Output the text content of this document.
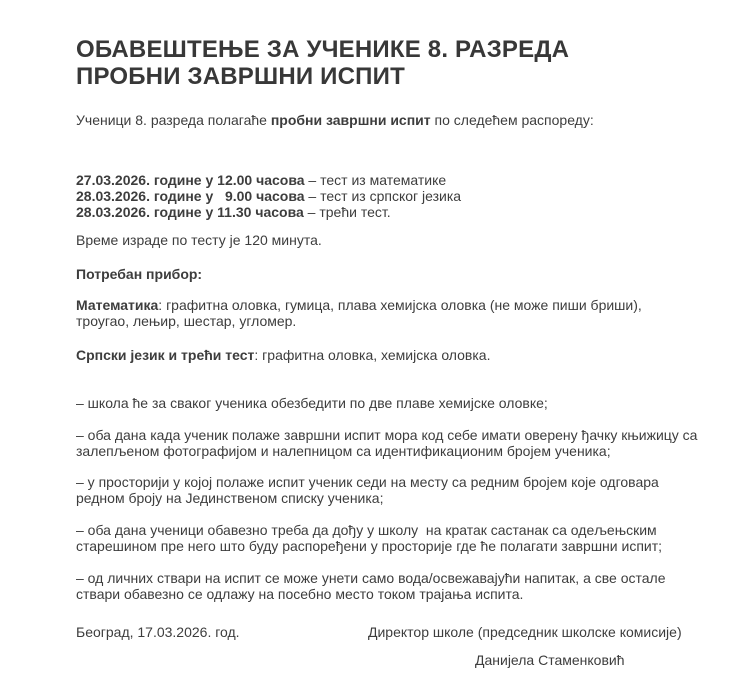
ОБАВЕШТЕЊЕ ЗА УЧЕНИКЕ 8. РАЗРЕДА
ПРОБНИ ЗАВРШНИ ИСПИТ

Ученици 8. разреда полагаће пробни завршни испит по следећем распореду:

27.03.2026. године у 12.00 часова – тест из математике

28.03.2026. године у   9.00 часова – тест из српског језика

28.03.2026. године у 11.30 часова – трећи тест.

Време израде по тесту је 120 минута.

Потребан прибор:

Математика: графитна оловка, гумица, плава хемијска оловка (не може пиши бриши), троугао, лењир, шестар, угломер.

Српски језик и трећи тест: графитна оловка, хемијска оловка.

– школа ће за сваког ученика обезбедити по две плаве хемијске оловке;

– оба дана када ученик полаже завршни испит мора код себе имати оверену ђачку књижицу са залепљеном фотографијом и налепницом са идентификационим бројем ученика;

– у просторији у којој полаже испит ученик седи на месту са редним бројем које одговара редном броју на Јединственом списку ученика;

– оба дана ученици обавезно треба да дођу у школу  на кратак састанак са одељењским старешином пре него што буду распоређени у просторије где ће полагати завршни испит;

– од личних ствари на испит се може унети само вода/освежавајући напитак, а све остале ствари обавезно се одлажу на посебно место током трајања испита.

Београд, 17.03.2026. год.	Директор школе (председник школске комисије)

Данијела Стаменковић
